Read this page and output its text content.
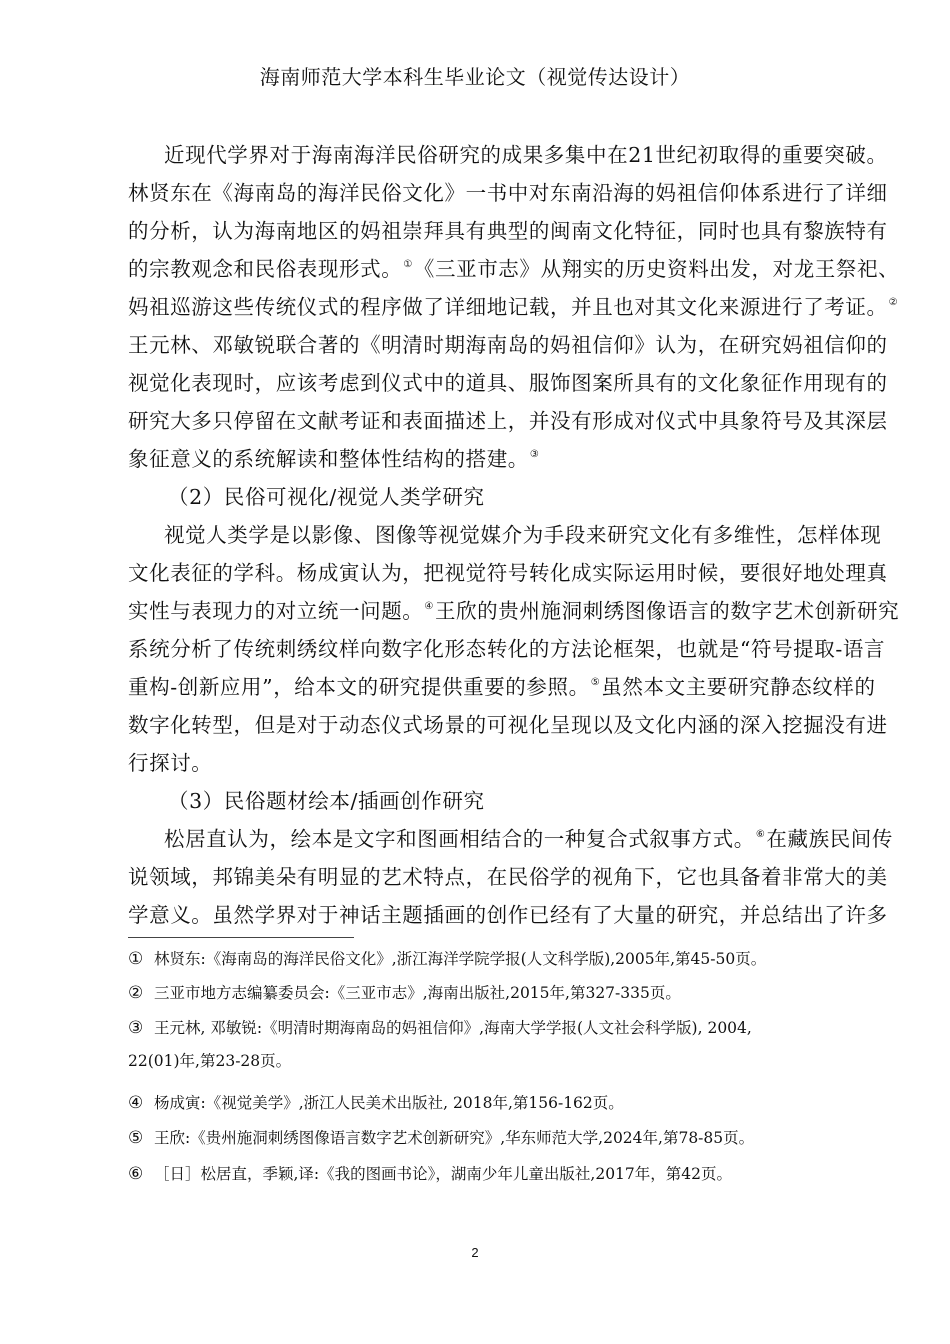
海南师范大学本科生毕业论文（视觉传达设计）
近现代学界对于海南海洋民俗研究的成果多集中在21世纪初取得的重要突破。
林贤东在《海南岛的海洋民俗文化》一书中对东南沿海的妈祖信仰体系进行了详细
的分析，认为海南地区的妈祖崇拜具有典型的闽南文化特征，同时也具有黎族特有
的宗教观念和民俗表现形式。①《三亚市志》从翔实的历史资料出发，对龙王祭祀、
妈祖巡游这些传统仪式的程序做了详细地记载，并且也对其文化来源进行了考证。②
王元林、邓敏锐联合著的《明清时期海南岛的妈祖信仰》认为，在研究妈祖信仰的
视觉化表现时，应该考虑到仪式中的道具、服饰图案所具有的文化象征作用现有的
研究大多只停留在文献考证和表面描述上，并没有形成对仪式中具象符号及其深层
象征意义的系统解读和整体性结构的搭建。③
（2）民俗可视化/视觉人类学研究
视觉人类学是以影像、图像等视觉媒介为手段来研究文化有多维性，怎样体现
文化表征的学科。杨成寅认为，把视觉符号转化成实际运用时候，要很好地处理真
实性与表现力的对立统一问题。④王欣的贵州施洞刺绣图像语言的数字艺术创新研究
系统分析了传统刺绣纹样向数字化形态转化的方法论框架，也就是“符号提取-语言
重构-创新应用”，给本文的研究提供重要的参照。⑤虽然本文主要研究静态纹样的
数字化转型，但是对于动态仪式场景的可视化呈现以及文化内涵的深入挖掘没有进
行探讨。
（3）民俗题材绘本/插画创作研究
松居直认为，绘本是文字和图画相结合的一种复合式叙事方式。⑥在藏族民间传
说领域，邦锦美朵有明显的艺术特点，在民俗学的视角下，它也具备着非常大的美
学意义。虽然学界对于神话主题插画的创作已经有了大量的研究，并总结出了许多
① 林贤东:《海南岛的海洋民俗文化》,浙江海洋学院学报(人文科学版),2005年,第45-50页。
② 三亚市地方志编纂委员会:《三亚市志》,海南出版社,2015年,第327-335页。
③ 王元林, 邓敏锐:《明清时期海南岛的妈祖信仰》,海南大学学报(人文社会科学版), 2004,
22(01)年,第23-28页。
④ 杨成寅:《视觉美学》,浙江人民美术出版社, 2018年,第156-162页。
⑤ 王欣:《贵州施洞刺绣图像语言数字艺术创新研究》,华东师范大学,2024年,第78-85页。
⑥ ［日］松居直，季颖,译:《我的图画书论》，湖南少年儿童出版社,2017年，第42页。
2
